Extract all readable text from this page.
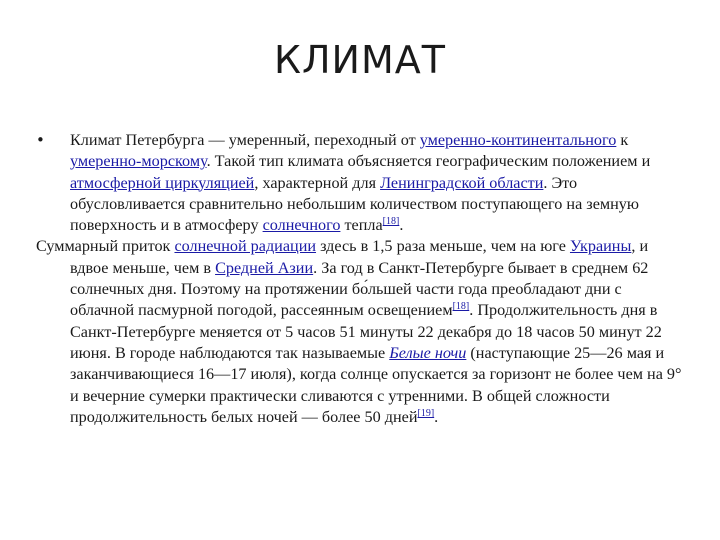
КЛИМАТ

• Климат Петербурга — умеренный, переходный от умеренно-континентального к умеренно-морскому. Такой тип климата объясняется географическим положением и атмосферной циркуляцией, характерной для Ленинградской области. Это обусловливается сравнительно небольшим количеством поступающего на земную поверхность и в атмосферу солнечного тепла[18].

Суммарный приток солнечной радиации здесь в 1,5 раза меньше, чем на юге Украины, и вдвое меньше, чем в Средней Азии. За год в Санкт-Петербурге бывает в среднем 62 солнечных дня. Поэтому на протяжении бо́льшей части года преобладают дни с облачной пасмурной погодой, рассеянным освещением[18]. Продолжительность дня в Санкт-Петербурге меняется от 5 часов 51 минуты 22 декабря до 18 часов 50 минут 22 июня. В городе наблюдаются так называемые Белые ночи (наступающие 25—26 мая и заканчивающиеся 16—17 июля), когда солнце опускается за горизонт не более чем на 9° и вечерние сумерки практически сливаются с утренними. В общей сложности продолжительность белых ночей — более 50 дней[19].
